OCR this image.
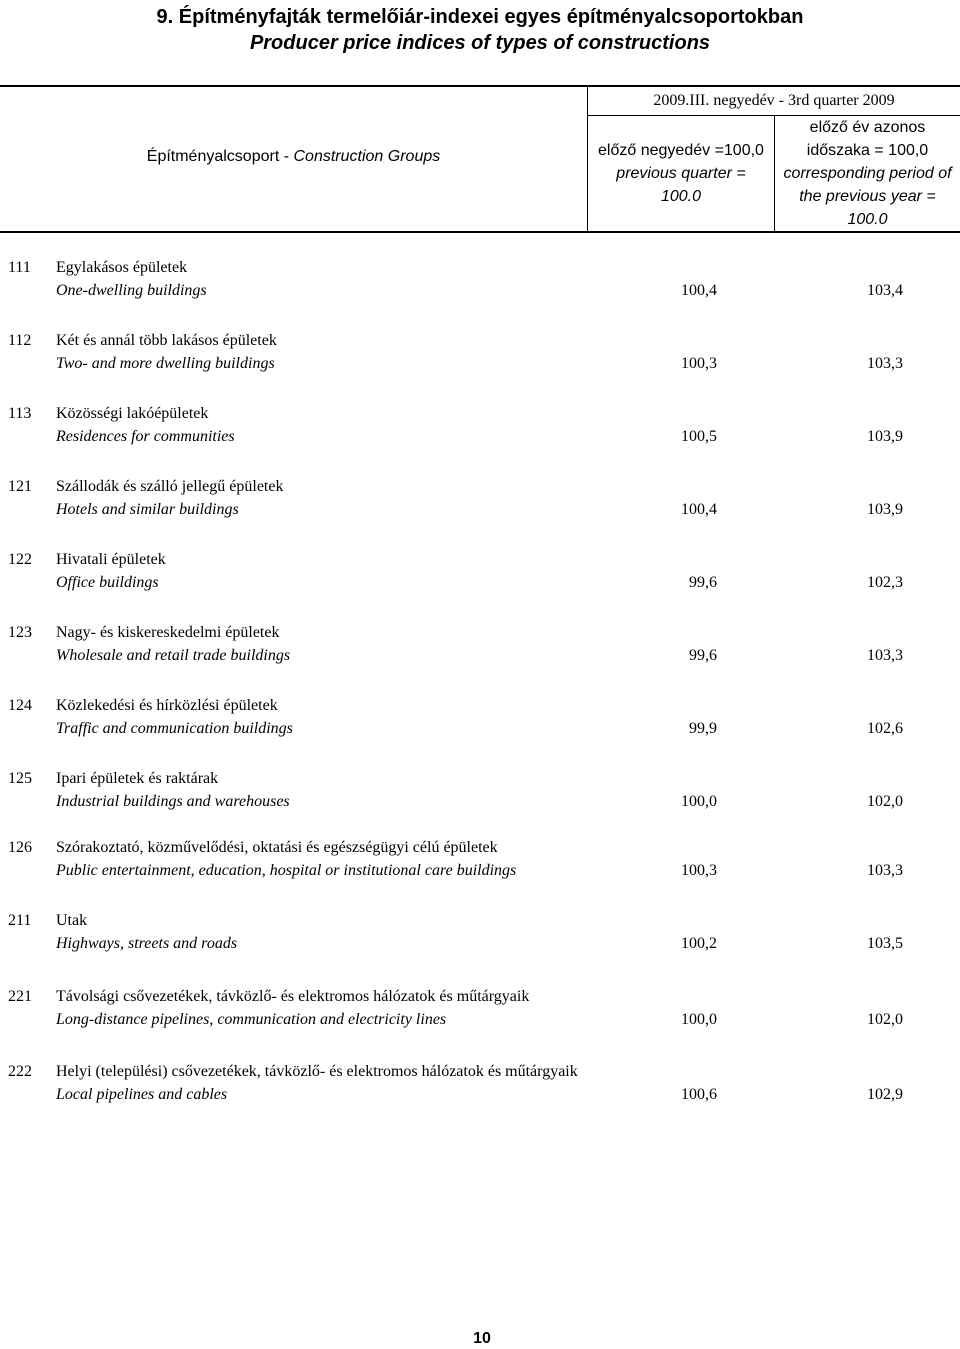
9. Építményfajták termelőiár-indexei egyes építményalcsoportokban

Producer price indices of types of constructions

Építményalcsoport - Construction Groups
2009.III. negyedév - 3rd quarter 2009
előző negyedév =100,0
previous quarter =
100.0
előző év azonos
időszaka = 100,0
corresponding period of
the previous year =
100.0
111 Egylakásos épületek
One-dwelling buildings	100,4	103,4
112 Két és annál több lakásos épületek
Two- and more dwelling buildings	100,3	103,3
113 Közösségi lakóépületek
Residences for communities	100,5	103,9
121 Szállodák és szálló jellegű épületek
Hotels and similar buildings	100,4	103,9
122 Hivatali épületek
Office buildings	99,6	102,3
123 Nagy- és kiskereskedelmi épületek
Wholesale and retail trade buildings	99,6	103,3
124 Közlekedési és hírközlési épületek
Traffic and communication buildings	99,9	102,6
125 Ipari épületek és raktárak
Industrial buildings and warehouses	100,0	102,0
126 Szórakoztató, közművelődési, oktatási és egészségügyi célú épületek
Public entertainment, education, hospital or institutional care buildings	100,3	103,3
211 Utak
Highways, streets and roads	100,2	103,5
221 Távolsági csővezetékek, távközlő- és elektromos hálózatok és műtárgyaik
Long-distance pipelines, communication and electricity lines	100,0	102,0
222 Helyi (települési) csővezetékek, távközlő- és elektromos hálózatok és műtárgyaik
Local pipelines and cables	100,6	102,9
10
